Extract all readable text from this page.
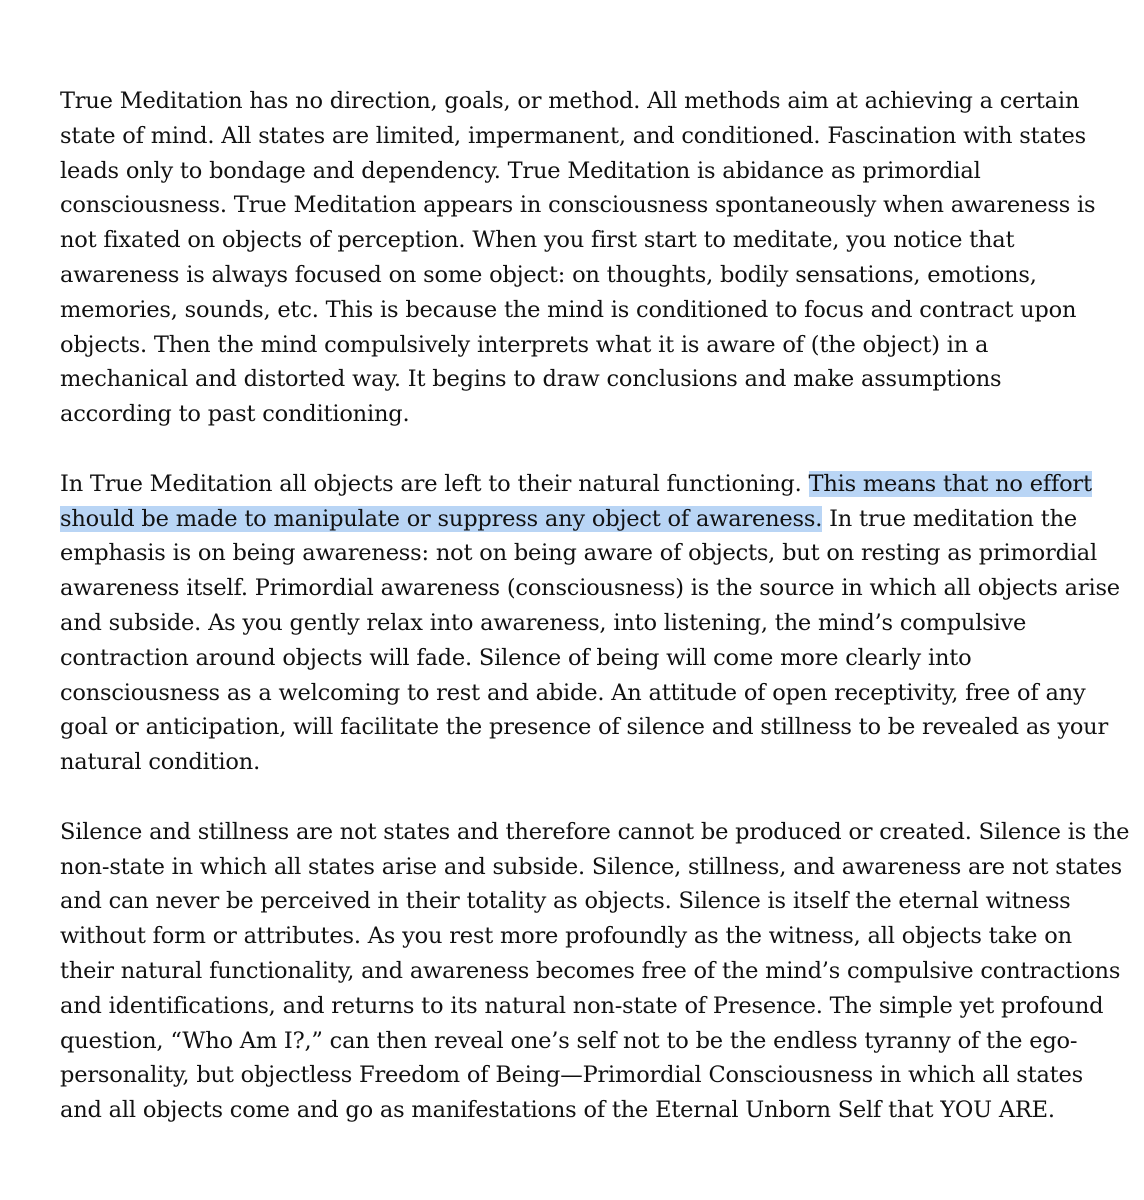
True Meditation has no direction, goals, or method. All methods aim at achieving a certain
state of mind. All states are limited, impermanent, and conditioned. Fascination with states
leads only to bondage and dependency. True Meditation is abidance as primordial
consciousness. True Meditation appears in consciousness spontaneously when awareness is
not fixated on objects of perception. When you first start to meditate, you notice that
awareness is always focused on some object: on thoughts, bodily sensations, emotions,
memories, sounds, etc. This is because the mind is conditioned to focus and contract upon
objects. Then the mind compulsively interprets what it is aware of (the object) in a
mechanical and distorted way. It begins to draw conclusions and make assumptions
according to past conditioning.
In True Meditation all objects are left to their natural functioning. This means that no effort
should be made to manipulate or suppress any object of awareness. In true meditation the
emphasis is on being awareness: not on being aware of objects, but on resting as primordial
awareness itself. Primordial awareness (consciousness) is the source in which all objects arise
and subside. As you gently relax into awareness, into listening, the mind’s compulsive
contraction around objects will fade. Silence of being will come more clearly into
consciousness as a welcoming to rest and abide. An attitude of open receptivity, free of any
goal or anticipation, will facilitate the presence of silence and stillness to be revealed as your
natural condition.
Silence and stillness are not states and therefore cannot be produced or created. Silence is the
non-state in which all states arise and subside. Silence, stillness, and awareness are not states
and can never be perceived in their totality as objects. Silence is itself the eternal witness
without form or attributes. As you rest more profoundly as the witness, all objects take on
their natural functionality, and awareness becomes free of the mind’s compulsive contractions
and identifications, and returns to its natural non-state of Presence. The simple yet profound
question, “Who Am I?,” can then reveal one’s self not to be the endless tyranny of the ego-
personality, but objectless Freedom of Being—Primordial Consciousness in which all states
and all objects come and go as manifestations of the Eternal Unborn Self that YOU ARE.
